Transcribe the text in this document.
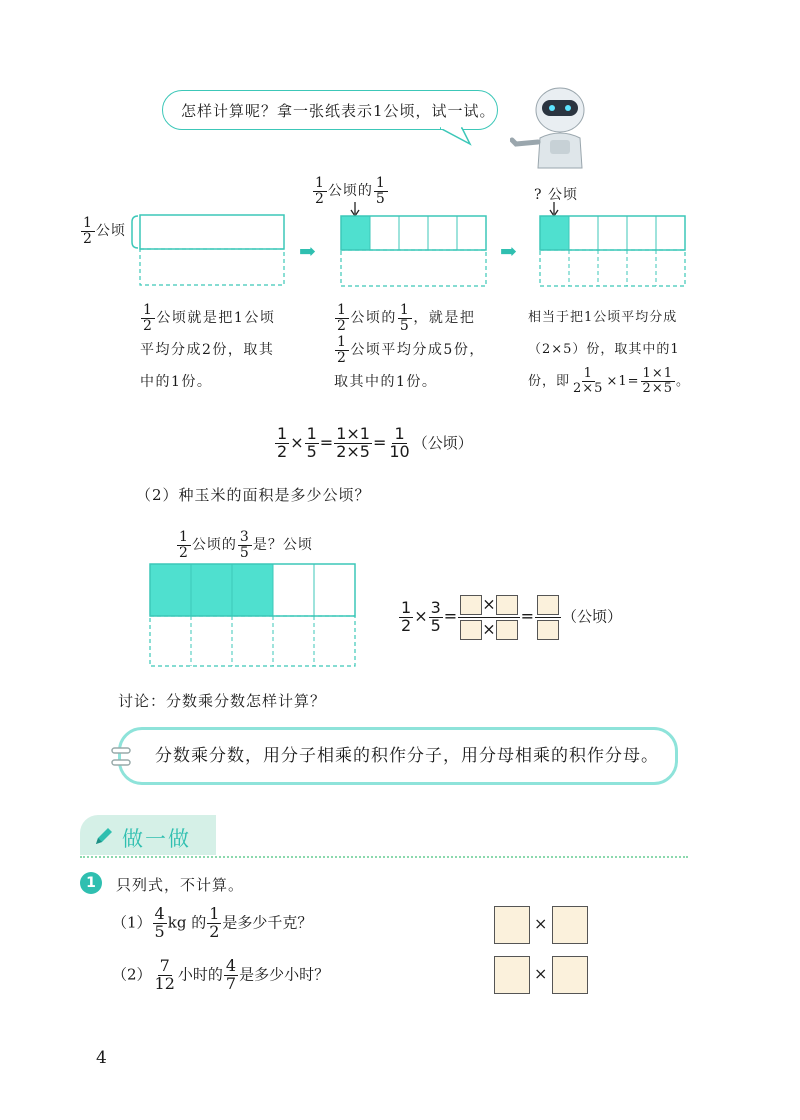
怎样计算呢？拿一张纸表示1公顷，试一试。
$\frac{1}{2}$ 公顷
➡
$\frac{1}{2}$ 公顷的 $\frac{1}{5}$
➡
? 公顷
$\frac{1}{2}$ 公顷就是把1公顷
平均分成2份，取其
中的1份。
$\frac{1}{2}$ 公顷的 $\frac{1}{5}$ ，就是把
$\frac{1}{2}$ 公顷平均分成5份，
取其中的1份。
相当于把1公顷平均分成
（2×5）份，取其中的1
份，即 $\frac{1}{2\times 5} \times 1= \frac{1\times 1}{2\times 5}$ 。
$\frac{1}{2} \times \frac{1}{5} = \frac{1\times 1}{2\times 5} = \frac{1}{10}$ （公顷）
（2）种玉米的面积是多少公顷？
$\frac{1}{2}$ 公顷的 $\frac{3}{5}$ 是？公顷
$\frac{1}{2} \times \frac{3}{5} = \frac{\times}{\times}$ = （公顷）
讨论：分数乘分数怎样计算？
分数乘分数，用分子相乘的积作分子，用分母相乘的积作分母。
做一做
1	只列式，不计算。
$(1) \frac{4}{5}$ kg 的 $\frac{1}{2}$ 是多少千克？	×
$(2) \frac{7}{12}$ 小时的 $\frac{4}{7}$ 是多少小时？	×
4
